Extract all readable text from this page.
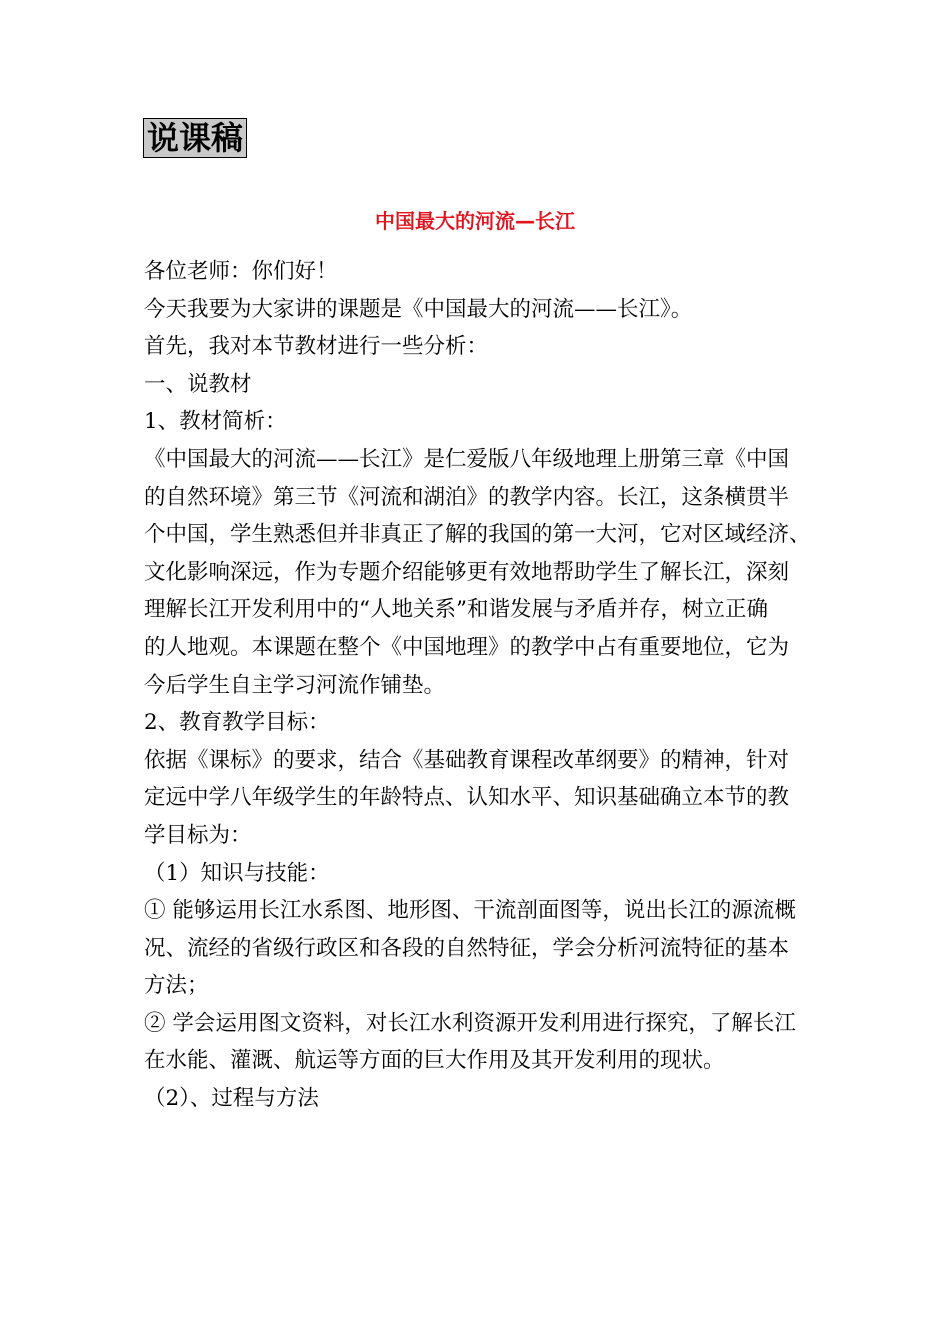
说课稿
中国最大的河流—长江
各位老师：你们好！
今天我要为大家讲的课题是《中国最大的河流——长江》。
首先，我对本节教材进行一些分析：
一、说教材
1、教材简析：
《中国最大的河流——长江》是仁爱版八年级地理上册第三章《中国
的自然环境》第三节《河流和湖泊》的教学内容。长江，这条横贯半
个中国，学生熟悉但并非真正了解的我国的第一大河，它对区域经济、
文化影响深远，作为专题介绍能够更有效地帮助学生了解长江，深刻
理解长江开发利用中的“人地关系”和谐发展与矛盾并存，树立正确
的人地观。本课题在整个《中国地理》的教学中占有重要地位，它为
今后学生自主学习河流作铺垫。
2、教育教学目标：
依据《课标》的要求，结合《基础教育课程改革纲要》的精神，针对
定远中学八年级学生的年龄特点、认知水平、知识基础确立本节的教
学目标为：
（1）知识与技能：
① 能够运用长江水系图、地形图、干流剖面图等，说出长江的源流概
况、流经的省级行政区和各段的自然特征，学会分析河流特征的基本
方法；
② 学会运用图文资料，对长江水利资源开发利用进行探究，了解长江
在水能、灌溉、航运等方面的巨大作用及其开发利用的现状。
（2）、过程与方法
